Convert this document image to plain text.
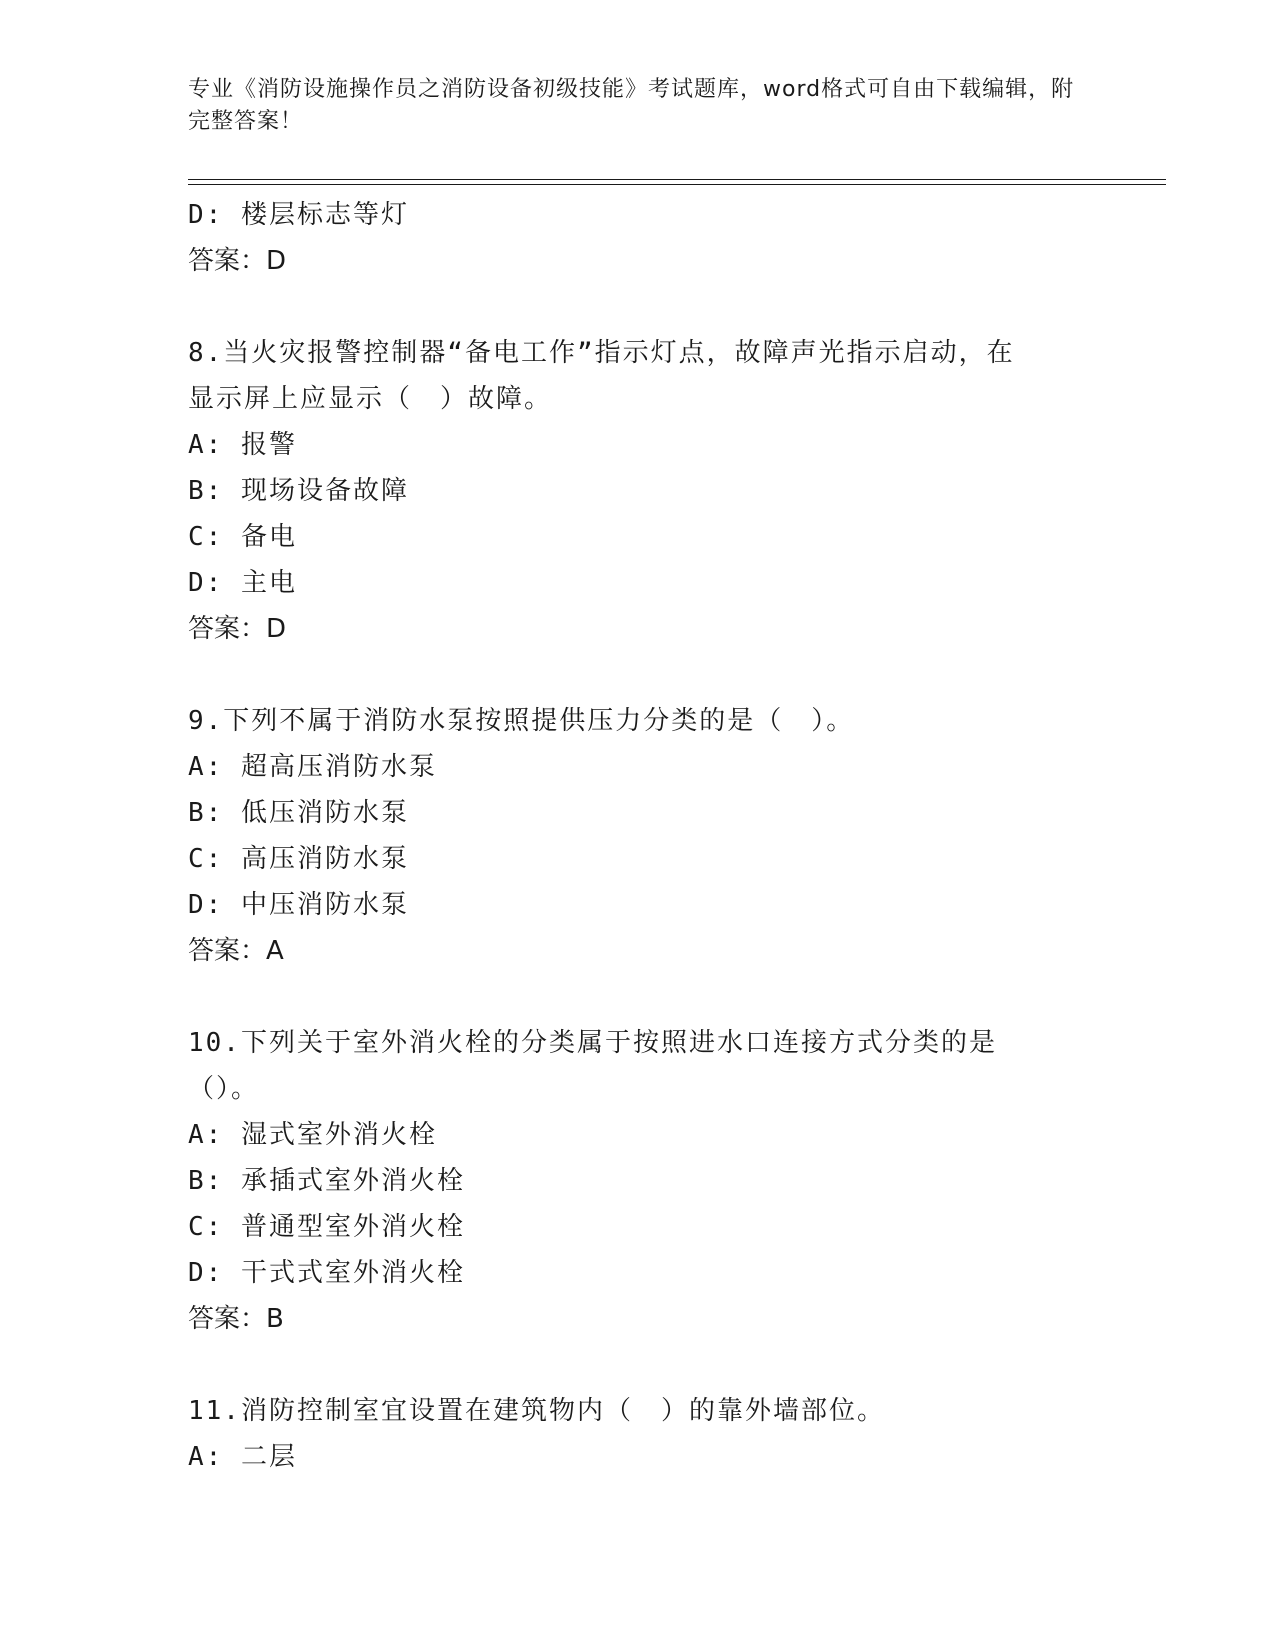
专业《消防设施操作员之消防设备初级技能》考试题库，word格式可自由下载编辑，附完整答案！
D: 楼层标志等灯
答案：D
8.当火灾报警控制器“备电工作”指示灯点，故障声光指示启动，在显示屏上应显示（　）故障。
A: 报警
B: 现场设备故障
C: 备电
D: 主电
答案：D
9.下列不属于消防水泵按照提供压力分类的是（　）。
A: 超高压消防水泵
B: 低压消防水泵
C: 高压消防水泵
D: 中压消防水泵
答案：A
10.下列关于室外消火栓的分类属于按照进水口连接方式分类的是（）。
A: 湿式室外消火栓
B: 承插式室外消火栓
C: 普通型室外消火栓
D: 干式式室外消火栓
答案：B
11.消防控制室宜设置在建筑物内（　）的靠外墙部位。
A: 二层
